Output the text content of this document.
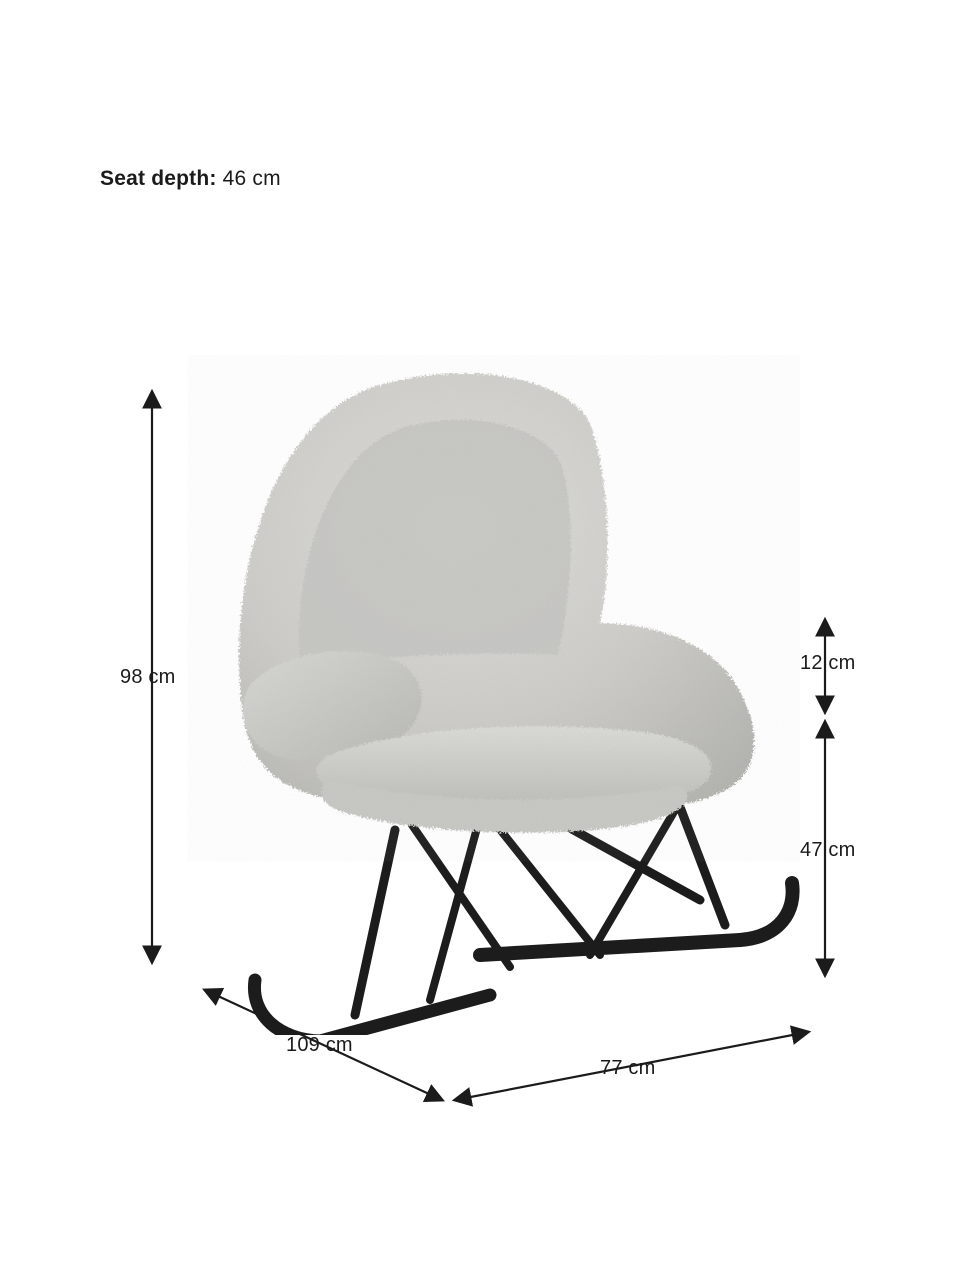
Seat depth: 46 cm
98 cm
12 cm
47 cm
109 cm
77 cm
